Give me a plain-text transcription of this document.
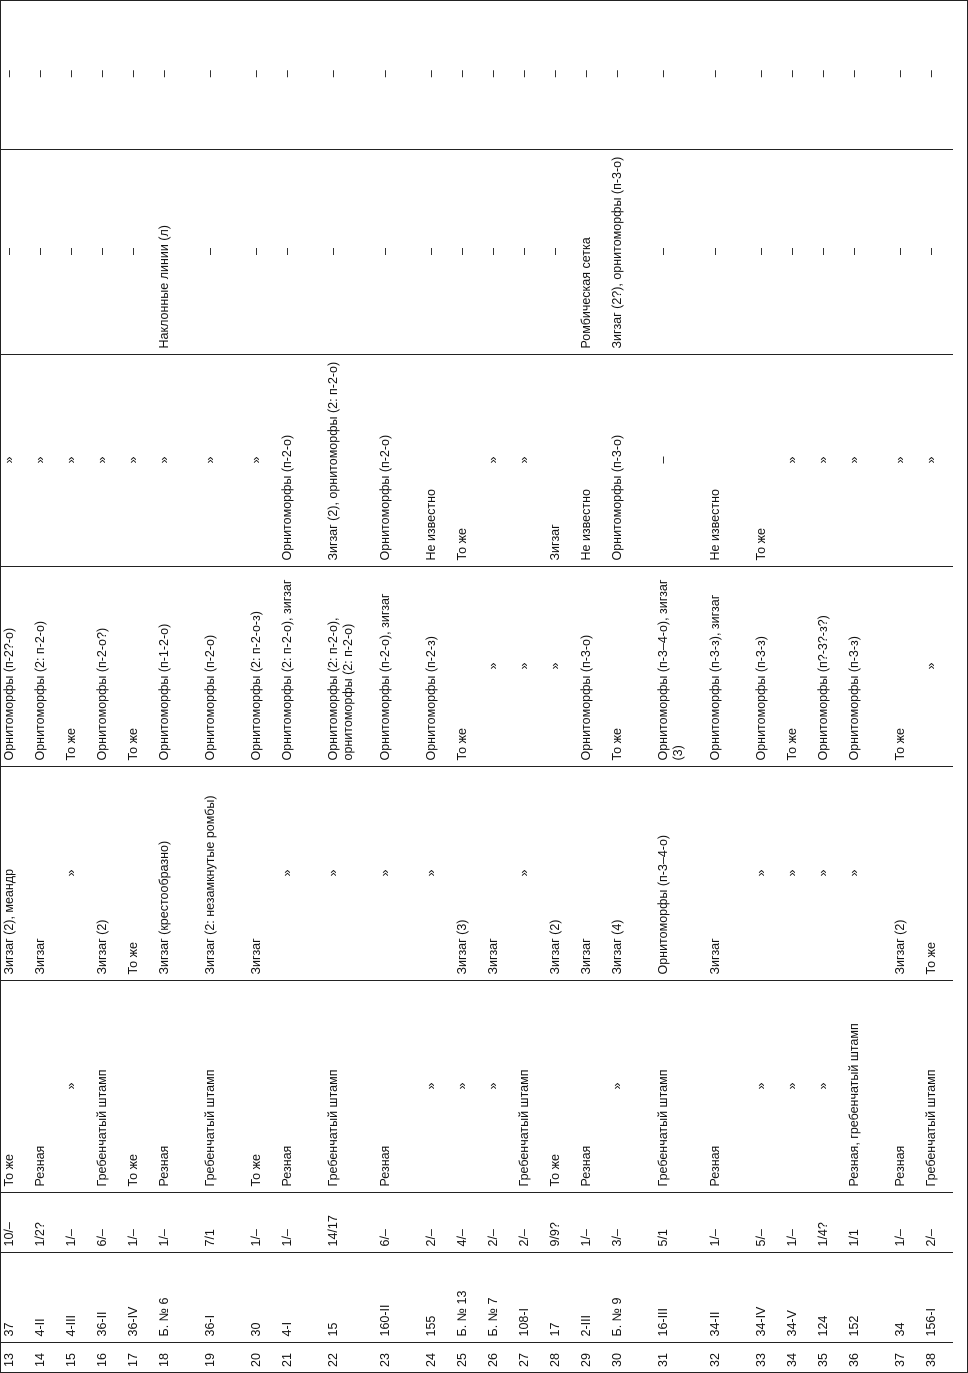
13	37	10/–	То же	Зигзаг (2), меандр	Орнитоморфы (п-2?-о)	»	–	–
14	4-II	1/2?	Резная	Зигзаг	Орнитоморфы (2: п-2-о)	»	–	–
15	4-III	1/–	»	»	То же	»	–	–
16	36-II	6/–	Гребенчатый штамп	Зигзаг (2)	Орнитоморфы (п-2-о?)	»	–	–
17	36-IV	1/–	То же	То же	То же	»	–	–
18	Б. № 6	1/–	Резная	Зигзаг (крестообразно)	Орнитоморфы (п-1-2-о)	»	Наклонные линии (л)	–
19	36-I	7/1	Гребенчатый штамп	Зигзаг (2: незамкнутые ромбы)	Орнитоморфы (п-2-о)	»	–	–
20	30	1/–	То же	Зигзаг	Орнитоморфы (2: п-2-о-з)	»	–	–
21	4-I	1/–	Резная	»	Орнитоморфы (2: п-2-о), зигзаг	Орнитоморфы (п-2-о)	–	–
22	15	14/17	Гребенчатый штамп	»	Орнитоморфы (2: п-2-о), орнитоморфы (2: п-2-о)	Зигзаг (2), орнитоморфы (2: п-2-о)	–	–
23	160-II	6/–	Резная	»	Орнитоморфы (п-2-о), зигзаг	Орнитоморфы (п-2-о)	–	–
24	155	2/–	»	»	Орнитоморфы (п-2-з)	Не известно	–	–
25	Б. № 13	4/–	»	Зигзаг (3)	То же	То же	–	–
26	Б. № 7	2/–	»	Зигзаг	»	»	–	–
27	108-I	2/–	Гребенчатый штамп	»	»	»	–	–
28	17	9/9?	То же	Зигзаг (2)	»	Зигзаг	–	–
29	2-III	1/–	Резная	Зигзаг	Орнитоморфы (п-3-о)	Не известно	Ромбическая сетка	–
30	Б. № 9	3/–	»	Зигзаг (4)	То же	Орнитоморфы (п-3-о)	Зигзаг (2?), орнитоморфы (п-3-о)	–
31	16-III	5/1	Гребенчатый штамп	Орнитоморфы (п-3–4-о)	Орнитоморфы (п-3–4-о), зигзаг (3)	–	–	–
32	34-II	1/–	Резная	Зигзаг	Орнитоморфы (п-3-з), зигзаг	Не известно	–	–
33	34-IV	5/–	»	»	Орнитоморфы (п-3-з)	То же	–	–
34	34-V	1/–	»	»	То же	»	–	–
35	124	1/4?	»	»	Орнитоморфы (п?-3?-з?)	»	–	–
36	152	1/1	Резная, гребенчатый штамп	»	Орнитоморфы (п-3-з)	»	–	–
37	34	1/–	Резная	Зигзаг (2)	То же	»	–	–
38	156-I	2/–	Гребенчатый штамп	То же	»	»	–	–
